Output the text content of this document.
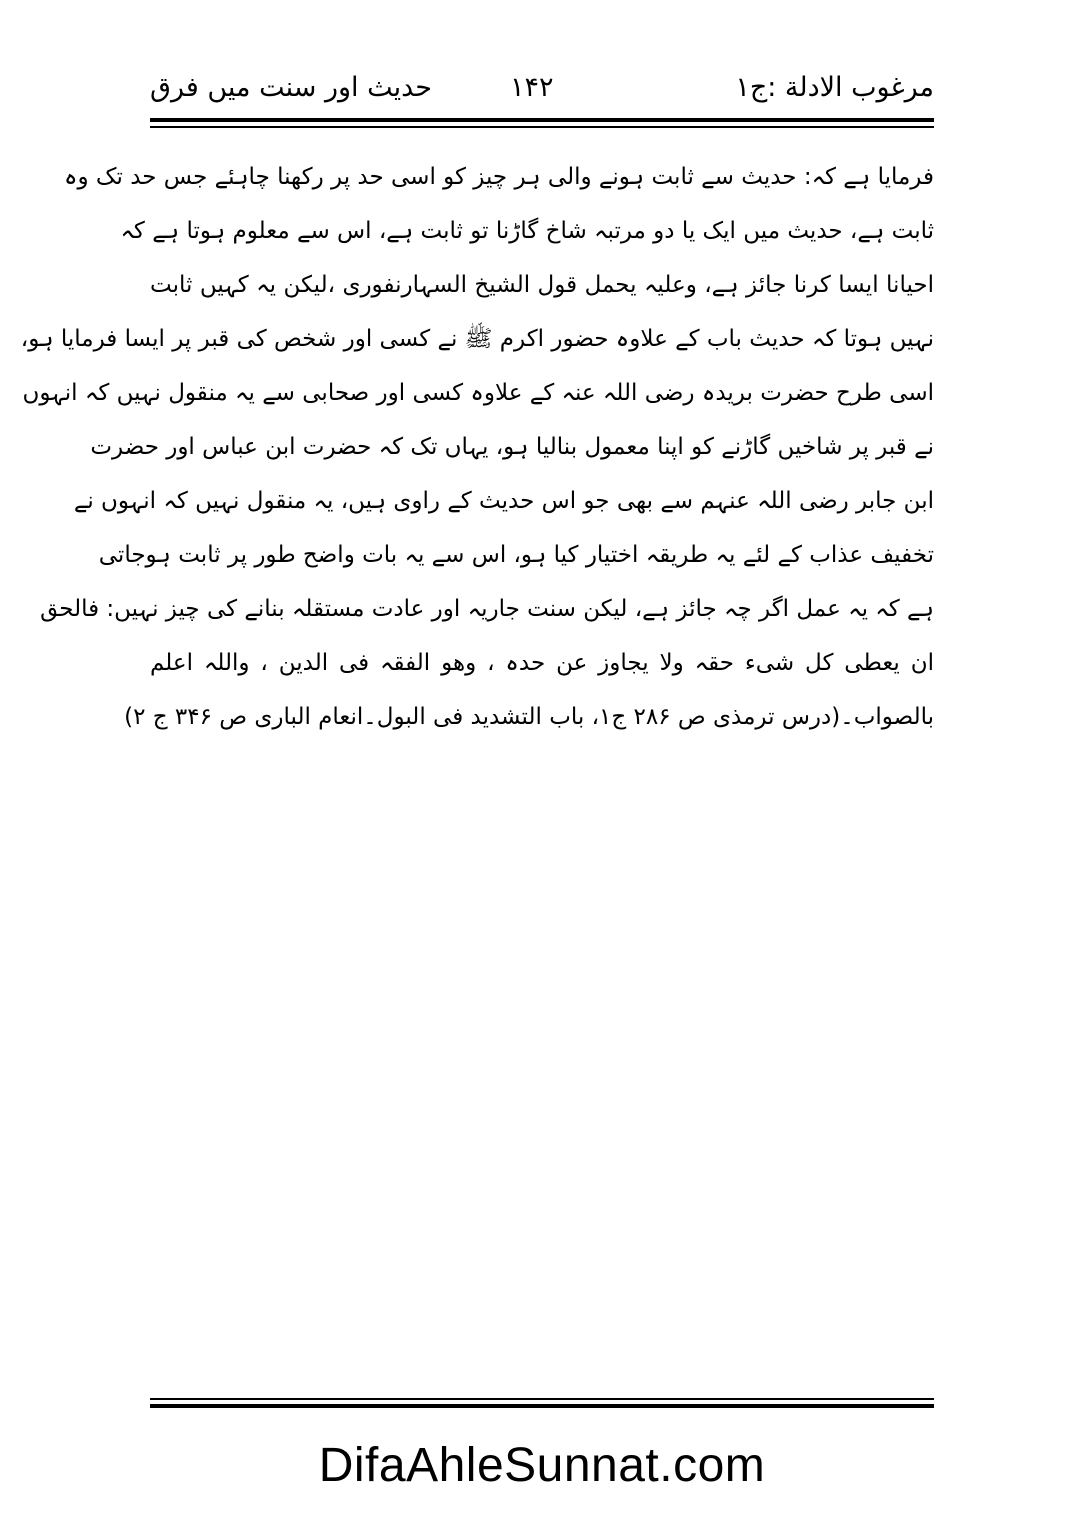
مرغوب الادلة :ج۱
۱۴۲
حدیث اور سنت میں فرق
فرمایا ہے کہ: حدیث سے ثابت ہونے والی ہر چیز کو اسی حد پر رکھنا چاہئے جس حد تک وہ
ثابت ہے، حدیث میں ایک یا دو مرتبہ شاخ گاڑنا تو ثابت ہے، اس سے معلوم ہوتا ہے کہ
احیانا ایسا کرنا جائز ہے، وعلیہ یحمل قول الشیخ السہارنفوری ،لیکن یہ کہیں ثابت
نہیں ہوتا کہ حدیث باب کے علاوہ حضور اکرم ﷺ نے کسی اور شخص کی قبر پر ایسا فرمایا ہو،
اسی طرح حضرت بریدہ رضی اللہ عنہ کے علاوہ کسی اور صحابی سے یہ منقول نہیں کہ انہوں
نے قبر پر شاخیں گاڑنے کو اپنا معمول بنالیا ہو، یہاں تک کہ حضرت ابن عباس اور حضرت
ابن جابر رضی اللہ عنہم سے بھی جو اس حدیث کے راوی ہیں، یہ منقول نہیں کہ انہوں نے
تخفیف عذاب کے لئے یہ طریقہ اختیار کیا ہو، اس سے یہ بات واضح طور پر ثابت ہوجاتی
ہے کہ یہ عمل اگر چہ جائز ہے، لیکن سنت جاریہ اور عادت مستقلہ بنانے کی چیز نہیں: فالحق
ان یعطی کل شیء حقہ ولا یجاوز عن حدہ ، وھو الفقہ فی الدین ، واللہ اعلم
بالصواب۔(درس ترمذی ص ۲۸۶ ج۱، باب التشدید فی البول۔انعام الباری ص ۳۴۶ ج ۲)
DifaAhleSunnat.com
